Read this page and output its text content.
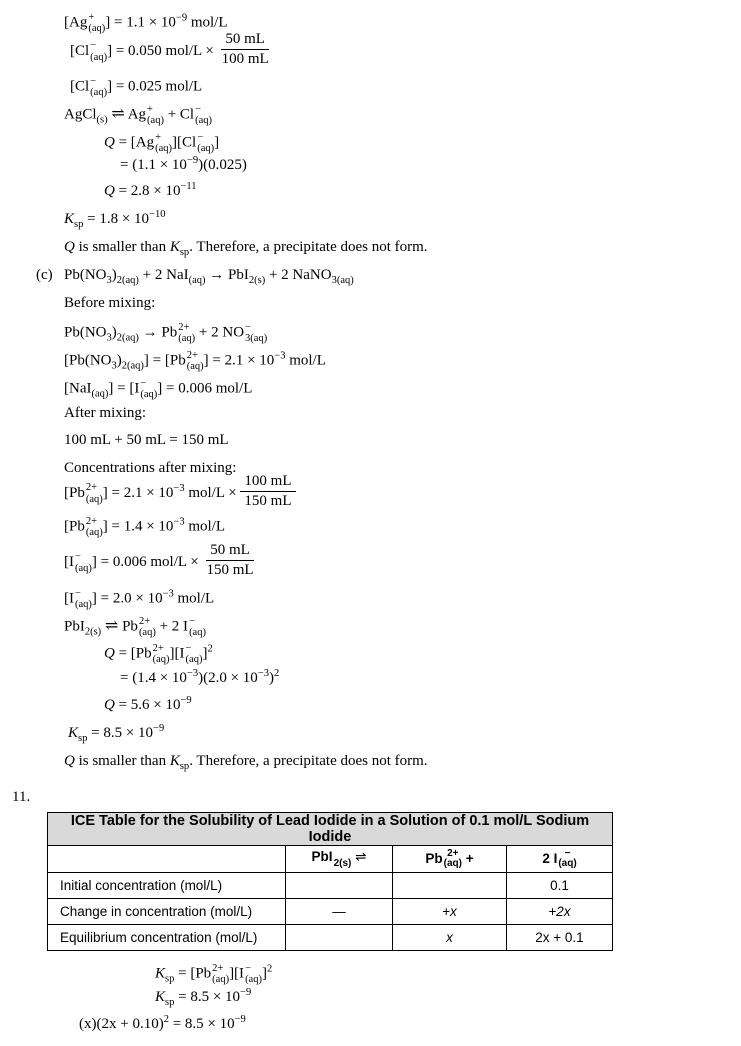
[Ag +
(aq) ] = $1.1 \times 10^{-9}$ mol/L
[Cl −
(aq) ] = 0.050 $mol/L \times \frac{50 mL}{100 mL}$
[Cl −
(aq) ] = 0.025 mol/L
AgCl$_{(s)}$ ⇌ Ag +
(aq) + Cl −
(aq)
Q = [Ag +
(aq) ][Cl −
(aq) ]
= $(1.1 \times 10^{-9})(0.025)$
$Q = 2.8 \times 10^{-11}$
$K_{sp} = 1.8 \times 10^{-10}$
Q is smaller than $K_{sp}$. Therefore, a precipitate does not form.
(c) $Pb(NO_3)_{2(aq)} + 2$ NaI$_{(aq)}$ → PbI$_{2(s)}$ + 2 NaNO$_{3(aq)}$
Before mixing:
$Pb(NO_3)_{2(aq)} \to Pb$ 2+
(aq) + 2 NO −
3(aq)
$[Pb(NO_3)_{2(aq)}] = [Pb$ 2+
(aq) ] = $2.1 \times 10^{-3}$ mol/L
[NaI$_{(aq)}$] = [I −
(aq) ] = 0.006 mol/L
After mixing:
100 mL + 50 mL = 150 mL
Concentrations after mixing:
[Pb 2+
(aq) ] = $2.1 \times 10^{-3}$ $mol/L \times \frac{100 mL}{150 mL}$
[Pb 2+
(aq) ] = $1.4 \times 10^{-3}$ mol/L
[I −
(aq) ] = 0.006 $mol/L \times \frac{50 mL}{150 mL}$
[I −
(aq) ] = $2.0 \times 10^{-3}$ mol/L
PbI$_{2(s)}$ ⇌ Pb 2+
(aq) + 2 I −
(aq)
Q = [Pb 2+
(aq) ][I −
(aq) ]$^2$
= $(1.4 \times 10^{-3})(2.0 \times 10^{-3})^2$
$Q = 5.6 \times 10^{-9}$
$K_{sp} = 8.5 \times 10^{-9}$
Q is smaller than $K_{sp}$. Therefore, a precipitate does not form.
11.
ICE Table for the Solubility of Lead Iodide in a Solution of 0.1 mol/L Sodium Iodide			
	PbI2(s) ⇌	Pb 2+
(aq) +	2 I −
(aq)

Initial concentration (mol/L)			0.1
Change in concentration (mol/L)	—	+x	+2x
Equilibrium concentration (mol/L)		x	2x + 0.1
$K_{sp} = [Pb$ 2+
(aq) ][I −
(aq) ]$^2$
$K_{sp} = 8.5 \times 10^{-9}$
$(x)(2x + 0.10)^2 = 8.5 \times 10^{-9}$
